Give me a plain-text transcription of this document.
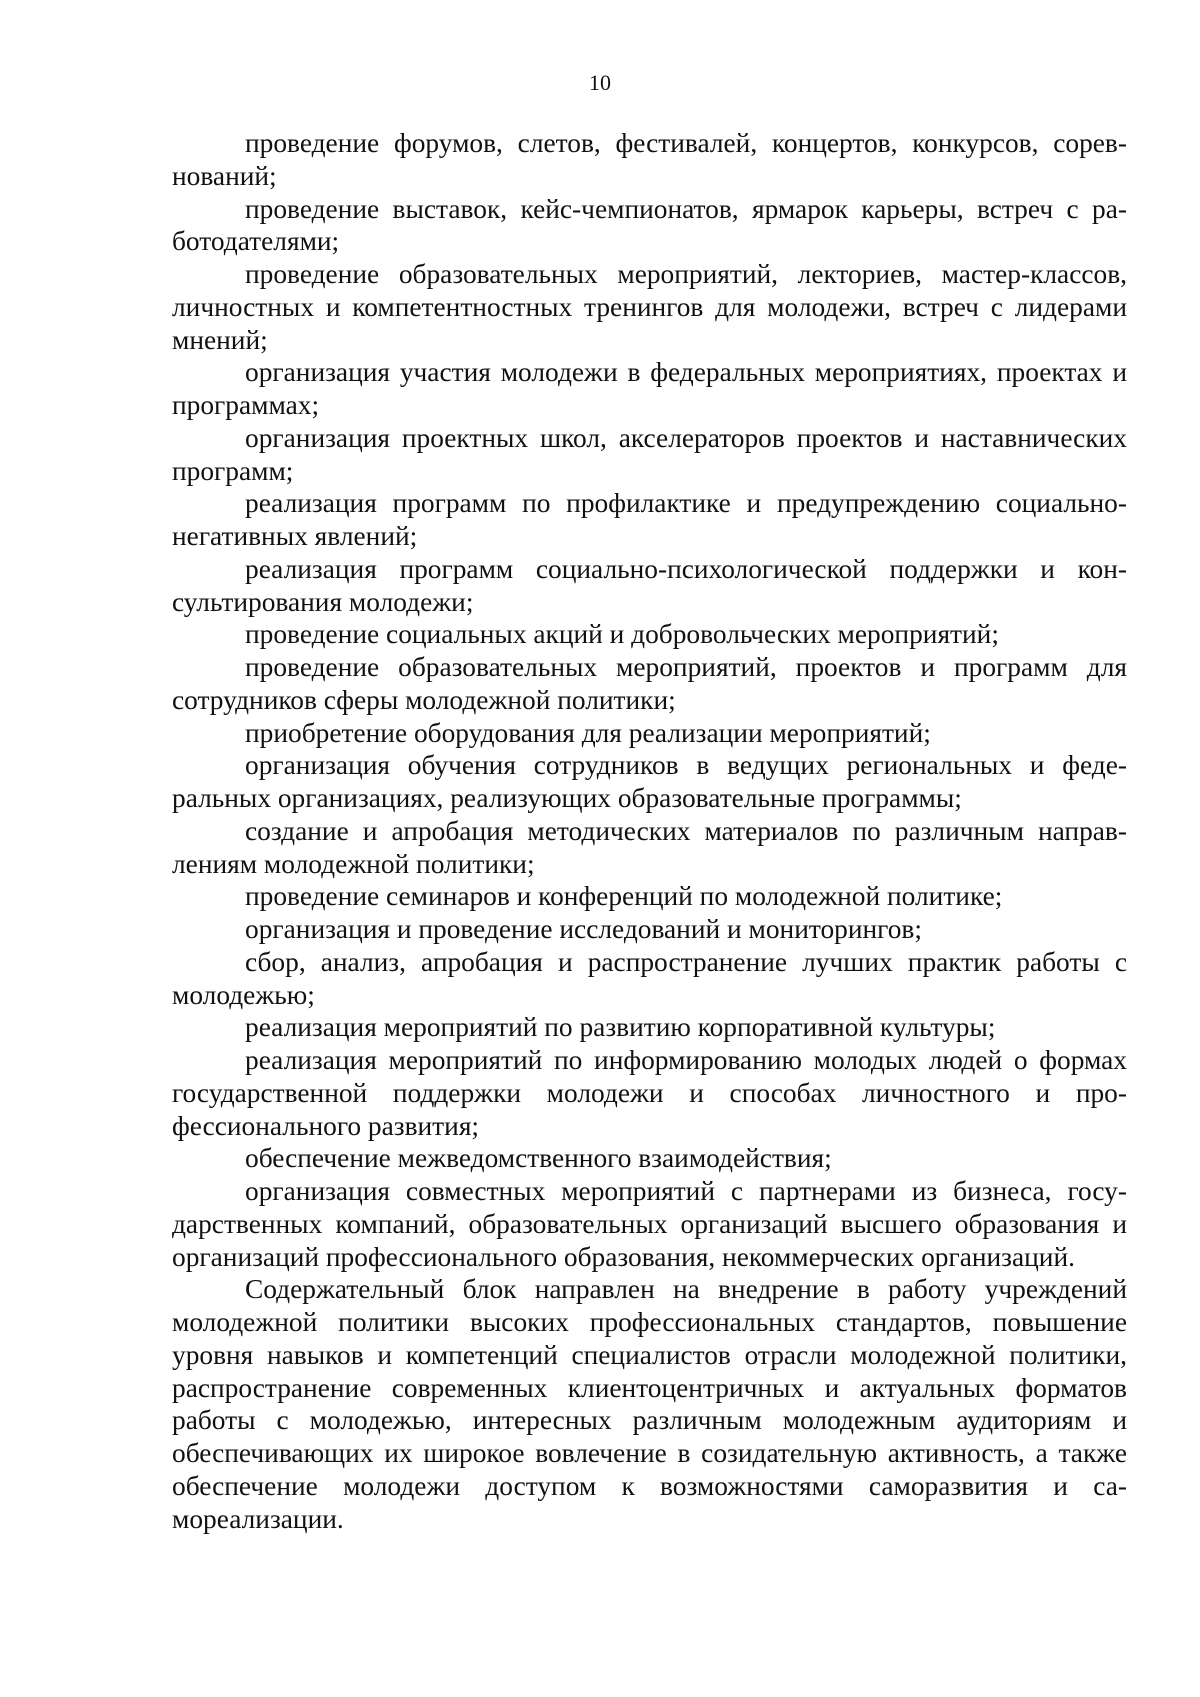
10

проведение форумов, слетов, фестивалей, концертов, конкурсов, соревнований;

проведение выставок, кейс-чемпионатов, ярмарок карьеры, встреч с работодателями;

проведение образовательных мероприятий, лекториев, мастер-классов, личностных и компетентностных тренингов для молодежи, встреч с лидерами мнений;

организация участия молодежи в федеральных мероприятиях, проектах и программах;

организация проектных школ, акселераторов проектов и наставнических программ;

реализация программ по профилактике и предупреждению социально-негативных явлений;

реализация программ социально-психологической поддержки и консультирования молодежи;

проведение социальных акций и добровольческих мероприятий;

проведение образовательных мероприятий, проектов и программ для сотрудников сферы молодежной политики;

приобретение оборудования для реализации мероприятий;

организация обучения сотрудников в ведущих региональных и федеральных организациях, реализующих образовательные программы;

создание и апробация методических материалов по различным направлениям молодежной политики;

проведение семинаров и конференций по молодежной политике;

организация и проведение исследований и мониторингов;

сбор, анализ, апробация и распространение лучших практик работы с молодежью;

реализация мероприятий по развитию корпоративной культуры;

реализация мероприятий по информированию молодых людей о формах государственной поддержки молодежи и способах личностного и профессионального развития;

обеспечение межведомственного взаимодействия;

организация совместных мероприятий с партнерами из бизнеса, государственных компаний, образовательных организаций высшего образования и организаций профессионального образования, некоммерческих организаций.

Содержательный блок направлен на внедрение в работу учреждений молодежной политики высоких профессиональных стандартов, повышение уровня навыков и компетенций специалистов отрасли молодежной политики, распространение современных клиентоцентричных и актуальных форматов работы с молодежью, интересных различным молодежным аудиториям и обеспечивающих их широкое вовлечение в созидательную активность, а также обеспечение молодежи доступом к возможностями саморазвития и самореализации.
